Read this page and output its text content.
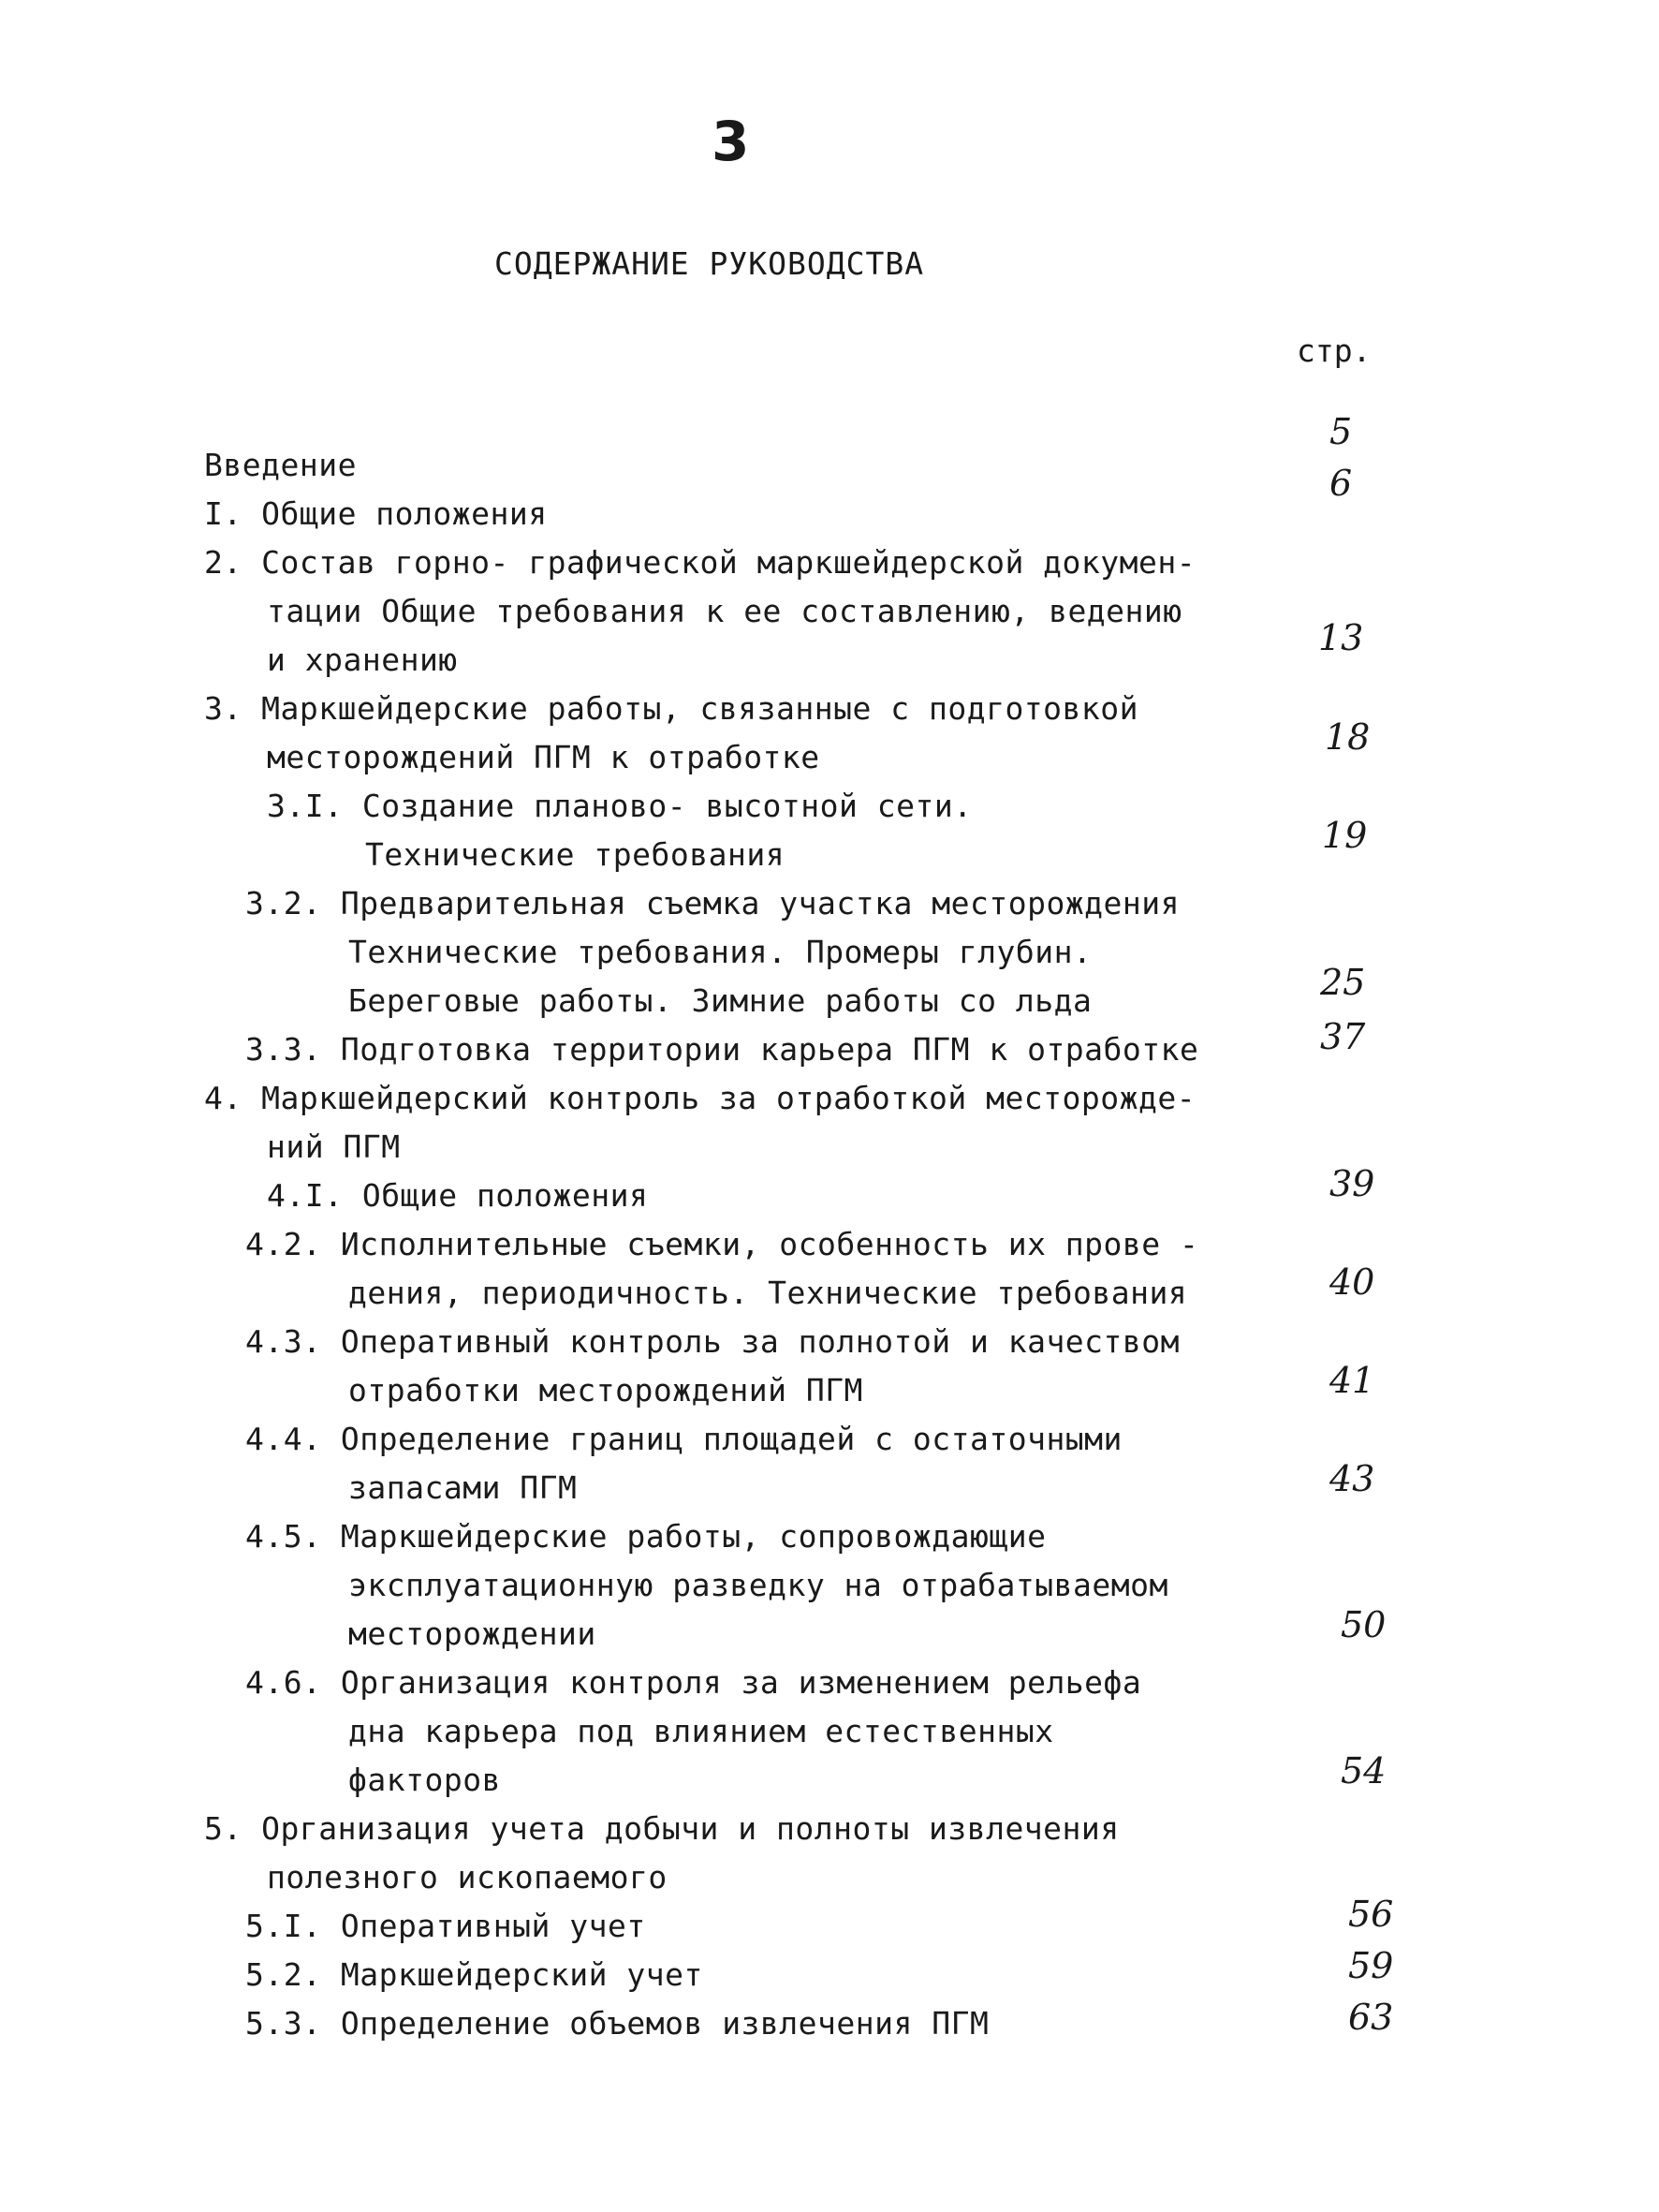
3
СОДЕРЖАНИЕ РУКОВОДСТВА
стр.
Введение
I. Общие положения
2. Состав горно- графической маркшейдерской докумен-
тации Общие требования к ее составлению, ведению
и хранению
3. Маркшейдерские работы, связанные с подготовкой
месторождений ПГМ к отработке
3.I. Создание планово- высотной сети.
Технические требования
3.2. Предварительная съемка участка месторождения
Технические требования. Промеры глубин.
Береговые работы. Зимние работы со льда
3.3. Подготовка территории карьера ПГМ к отработке
4. Маркшейдерский контроль за отработкой месторожде-
ний ПГМ
4.I. Общие положения
4.2. Исполнительные съемки, особенность их прове -
дения, периодичность. Технические требования
4.3. Оперативный контроль за полнотой и качеством
отработки месторождений ПГМ
4.4. Определение границ площадей с остаточными
запасами ПГМ
4.5. Маркшейдерские работы, сопровождающие
эксплуатационную разведку на отрабатываемом
месторождении
4.6. Организация контроля за изменением рельефа
дна карьера под влиянием естественных
факторов
5. Организация учета добычи и полноты извлечения
полезного ископаемого
5.I. Оперативный учет
5.2. Маркшейдерский учет
5.3. Определение объемов извлечения ПГМ
5
6
13
18
19
25
37
39
40
41
43
50
54
56
59
63
